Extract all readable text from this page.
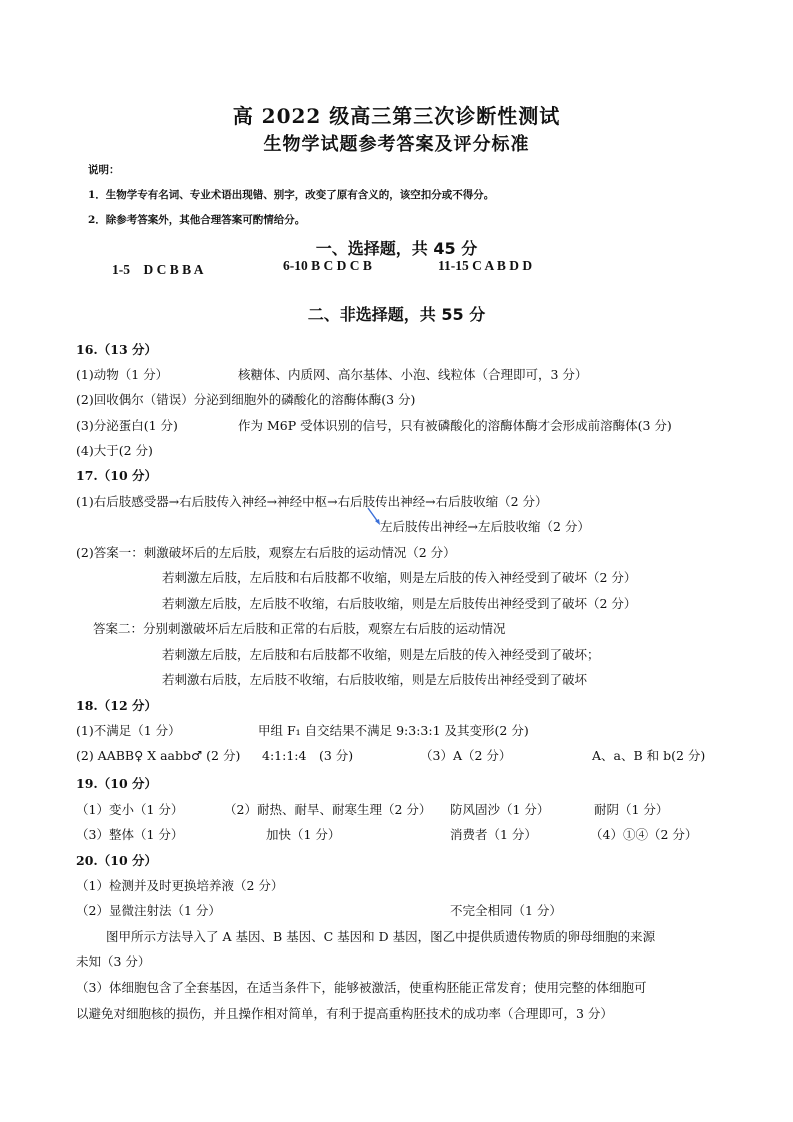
高 2022 级高三第三次诊断性测试
生物学试题参考答案及评分标准
说明：
1．生物学专有名词、专业术语出现错、别字，改变了原有含义的，该空扣分或不得分。
2．除参考答案外，其他合理答案可酌情给分。
一、选择题，共 45 分
1-5　D C B B A	6-10 B C D C B	11-15 C A B D D
二、非选择题，共 55 分
16.（13 分）
(1)动物（1 分）	核糖体、内质网、高尔基体、小泡、线粒体（合理即可，3 分）
(2)回收偶尔（错误）分泌到细胞外的磷酸化的溶酶体酶(3 分)
(3)分泌蛋白(1 分)	作为 M6P 受体识别的信号，只有被磷酸化的溶酶体酶才会形成前溶酶体(3 分)
(4)大于(2 分)
17.（10 分）
(1)右后肢感受器→右后肢传入神经→神经中枢→右后肢传出神经→右后肢收缩（2 分）
左后肢传出神经→左后肢收缩（2 分）
(2)答案一：刺激破坏后的左后肢，观察左右后肢的运动情况（2 分）
若刺激左后肢，左后肢和右后肢都不收缩，则是左后肢的传入神经受到了破坏（2 分）
若刺激左后肢，左后肢不收缩，右后肢收缩，则是左后肢传出神经受到了破坏（2 分）
答案二：分别刺激破坏后左后肢和正常的右后肢，观察左右后肢的运动情况
若刺激左后肢，左后肢和右后肢都不收缩，则是左后肢的传入神经受到了破坏；
若刺激右后肢，左后肢不收缩，右后肢收缩，则是左后肢传出神经受到了破坏
18.（12 分）
(1)不满足（1 分）	甲组 F₁ 自交结果不满足 9:3:3:1 及其变形(2 分)
(2) AABB♀ X aabb♂ (2 分) 4:1:1:4　(3 分)	（3）A（2 分）	A、a、B 和 b(2 分)
19.（10 分）
（1）变小（1 分）	（2）耐热、耐旱、耐寒生理（2 分） 防风固沙（1 分）	耐阴（1 分）
（3）整体（1 分）	加快（1 分）	消费者（1 分）	（4）①④（2 分）
20.（10 分）
（1）检测并及时更换培养液（2 分）
（2）显微注射法（1 分）	不完全相同（1 分）
图甲所示方法导入了 A 基因、B 基因、C 基因和 D 基因，图乙中提供质遗传物质的卵母细胞的来源
未知（3 分）
（3）体细胞包含了全套基因，在适当条件下，能够被激活，使重构胚能正常发育；使用完整的体细胞可
以避免对细胞核的损伤，并且操作相对简单，有利于提高重构胚技术的成功率（合理即可，3 分）
